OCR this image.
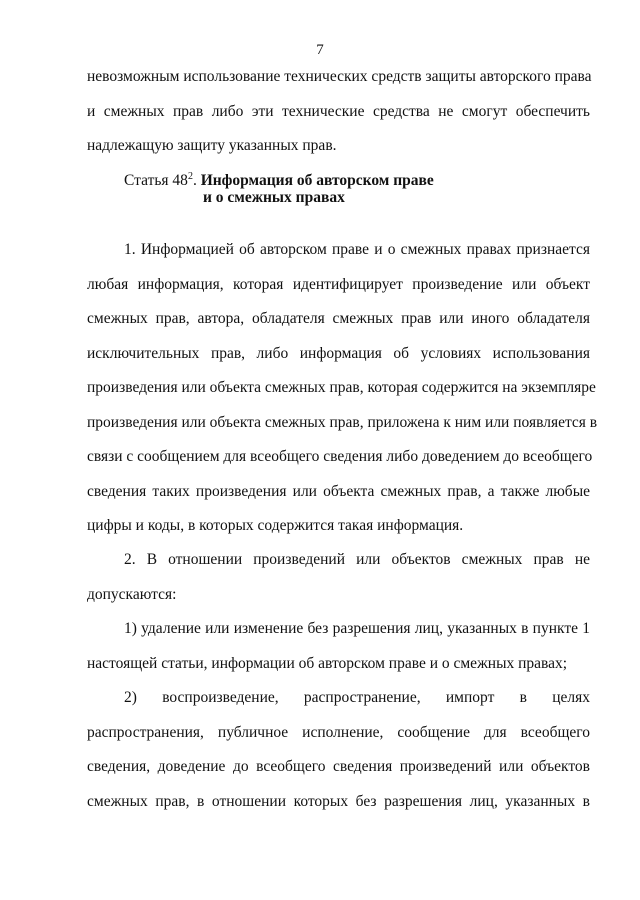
7
невозможным использование технических средств защиты авторского права
и смежных прав либо эти технические средства не смогут обеспечить
надлежащую защиту указанных прав.
Статья $48^2$. Информация об авторском праве
и о смежных правах
1. Информацией об авторском праве и о смежных правах признается
любая информация, которая идентифицирует произведение или объект
смежных прав, автора, обладателя смежных прав или иного обладателя
исключительных прав, либо информация об условиях использования
произведения или объекта смежных прав, которая содержится на экземпляре
произведения или объекта смежных прав, приложена к ним или появляется в
связи с сообщением для всеобщего сведения либо доведением до всеобщего
сведения таких произведения или объекта смежных прав, а также любые
цифры и коды, в которых содержится такая информация.
2. В отношении произведений или объектов смежных прав не
допускаются:
1) удаление или изменение без разрешения лиц, указанных в пункте 1
настоящей статьи, информации об авторском праве и о смежных правах;
2) воспроизведение, распространение, импорт в целях
распространения, публичное исполнение, сообщение для всеобщего
сведения, доведение до всеобщего сведения произведений или объектов
смежных прав, в отношении которых без разрешения лиц, указанных в
